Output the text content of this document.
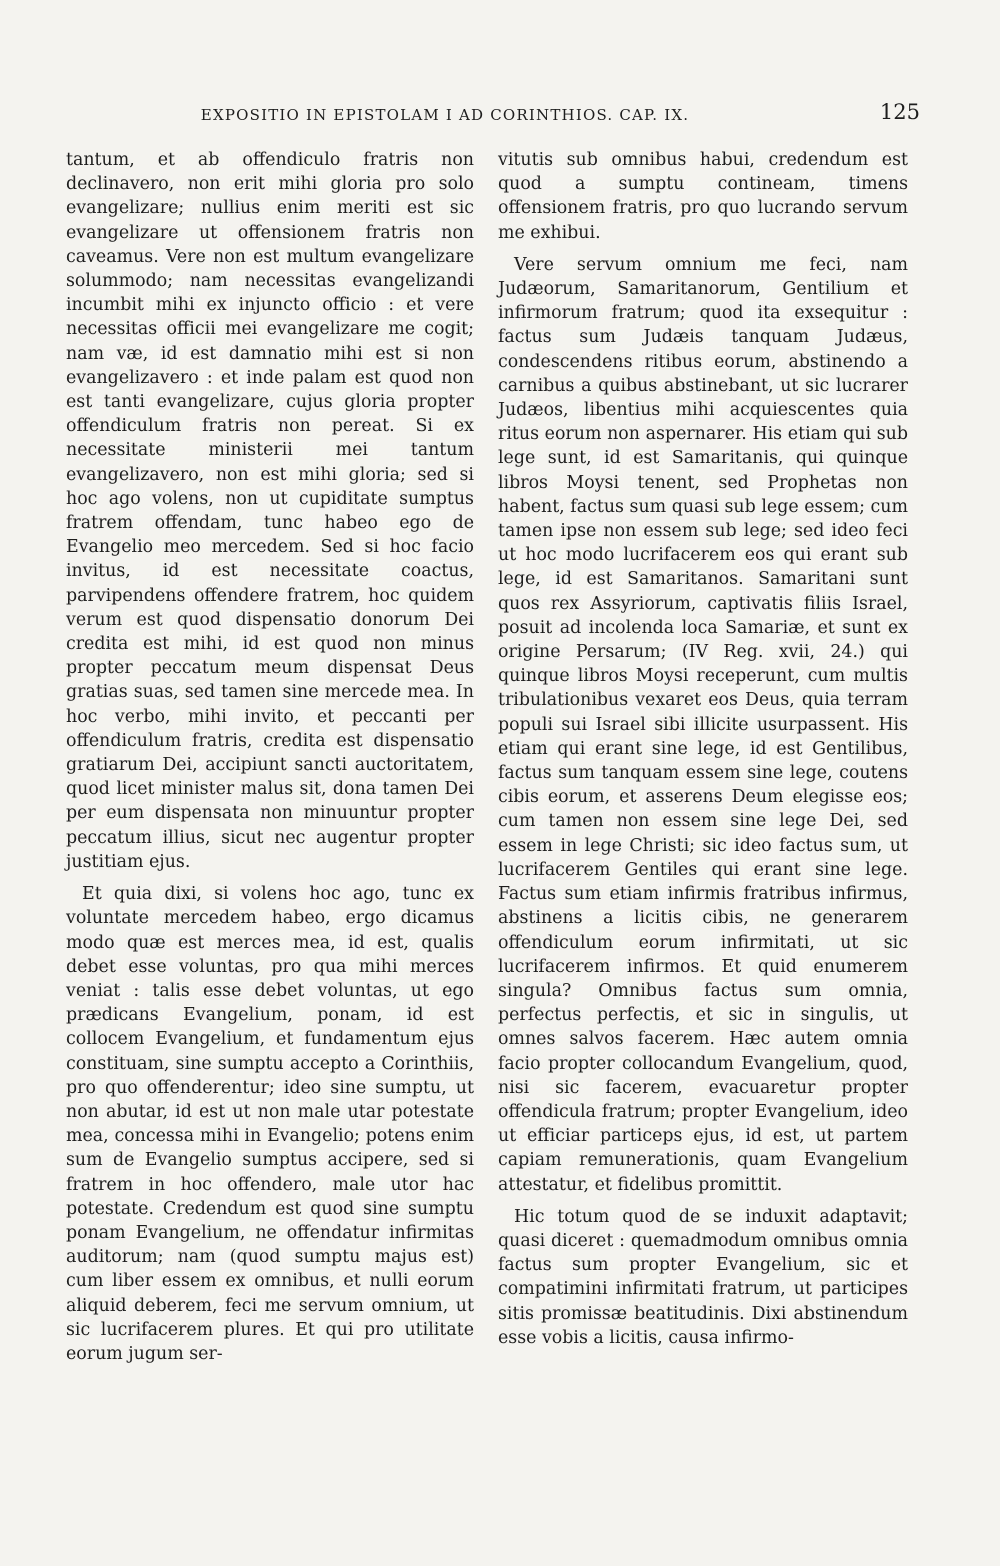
EXPOSITIO IN EPISTOLAM I AD CORINTHIOS. CAP. IX.	125

tantum, et ab offendiculo fratris non declinavero, non erit mihi gloria pro solo evangelizare; nullius enim meriti est sic evangelizare ut offensionem fratris non caveamus. Vere non est multum evangelizare solummodo; nam necessitas evangelizandi incumbit mihi ex injuncto officio : et vere necessitas officii mei evangelizare me cogit; nam væ, id est damnatio mihi est si non evangelizavero : et inde palam est quod non est tanti evangelizare, cujus gloria propter offendiculum fratris non pereat. Si ex necessitate ministerii mei tantum evangelizavero, non est mihi gloria; sed si hoc ago volens, non ut cupiditate sumptus fratrem offendam, tunc habeo ego de Evangelio meo mercedem. Sed si hoc facio invitus, id est necessitate coactus, parvipendens offendere fratrem, hoc quidem verum est quod dispensatio donorum Dei credita est mihi, id est quod non minus propter peccatum meum dispensat Deus gratias suas, sed tamen sine mercede mea. In hoc verbo, mihi invito, et peccanti per offendiculum fratris, credita est dispensatio gratiarum Dei, accipiunt sancti auctoritatem, quod licet minister malus sit, dona tamen Dei per eum dispensata non minuuntur propter peccatum illius, sicut nec augentur propter justitiam ejus.

Et quia dixi, si volens hoc ago, tunc ex voluntate mercedem habeo, ergo dicamus modo quæ est merces mea, id est, qualis debet esse voluntas, pro qua mihi merces veniat : talis esse debet voluntas, ut ego prædicans Evangelium, ponam, id est collocem Evangelium, et fundamentum ejus constituam, sine sumptu accepto a Corinthiis, pro quo offenderentur; ideo sine sumptu, ut non abutar, id est ut non male utar potestate mea, concessa mihi in Evangelio; potens enim sum de Evangelio sumptus accipere, sed si fratrem in hoc offendero, male utor hac potestate. Credendum est quod sine sumptu ponam Evangelium, ne offendatur infirmitas auditorum; nam (quod sumptu majus est) cum liber essem ex omnibus, et nulli eorum aliquid deberem, feci me servum omnium, ut sic lucrifacerem plures. Et qui pro utilitate eorum jugum ser-

vitutis sub omnibus habui, credendum est quod a sumptu contineam, timens offensionem fratris, pro quo lucrando servum me exhibui.

Vere servum omnium me feci, nam Judæorum, Samaritanorum, Gentilium et infirmorum fratrum; quod ita exsequitur : factus sum Judæis tanquam Judæus, condescendens ritibus eorum, abstinendo a carnibus a quibus abstinebant, ut sic lucrarer Judæos, libentius mihi acquiescentes quia ritus eorum non aspernarer. His etiam qui sub lege sunt, id est Samaritanis, qui quinque libros Moysi tenent, sed Prophetas non habent, factus sum quasi sub lege essem; cum tamen ipse non essem sub lege; sed ideo feci ut hoc modo lucrifacerem eos qui erant sub lege, id est Samaritanos. Samaritani sunt quos rex Assyriorum, captivatis filiis Israel, posuit ad incolenda loca Samariæ, et sunt ex origine Persarum; (IV Reg. xvii, 24.) qui quinque libros Moysi receperunt, cum multis tribulationibus vexaret eos Deus, quia terram populi sui Israel sibi illicite usurpassent. His etiam qui erant sine lege, id est Gentilibus, factus sum tanquam essem sine lege, coutens cibis eorum, et asserens Deum elegisse eos; cum tamen non essem sine lege Dei, sed essem in lege Christi; sic ideo factus sum, ut lucrifacerem Gentiles qui erant sine lege. Factus sum etiam infirmis fratribus infirmus, abstinens a licitis cibis, ne generarem offendiculum eorum infirmitati, ut sic lucrifacerem infirmos. Et quid enumerem singula? Omnibus factus sum omnia, perfectus perfectis, et sic in singulis, ut omnes salvos facerem. Hæc autem omnia facio propter collocandum Evangelium, quod, nisi sic facerem, evacuaretur propter offendicula fratrum; propter Evangelium, ideo ut efficiar particeps ejus, id est, ut partem capiam remunerationis, quam Evangelium attestatur, et fidelibus promittit.

Hic totum quod de se induxit adaptavit; quasi diceret : quemadmodum omnibus omnia factus sum propter Evangelium, sic et compatimini infirmitati fratrum, ut participes sitis promissæ beatitudinis. Dixi abstinendum esse vobis a licitis, causa infirmo-
